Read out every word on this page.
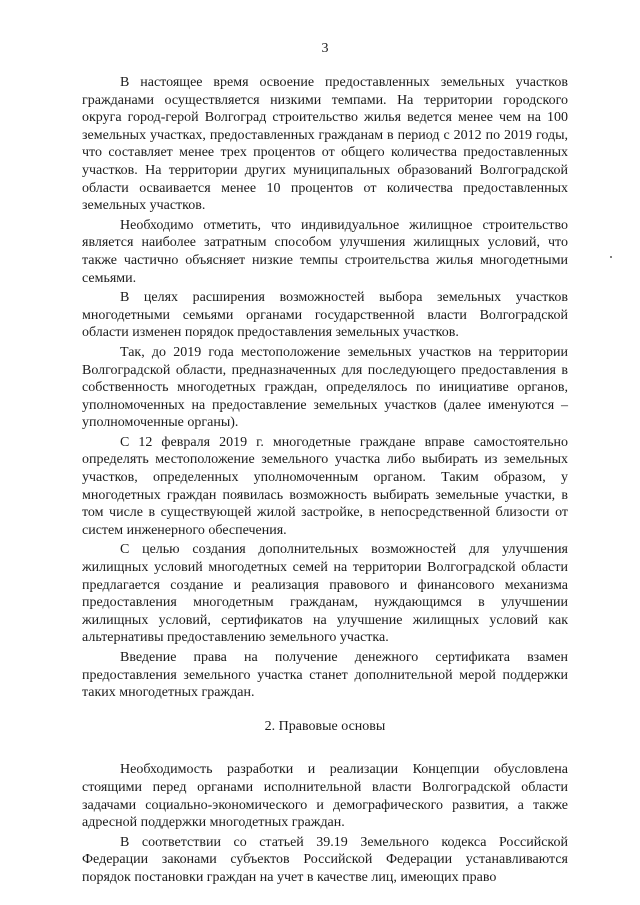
3

В настоящее время освоение предоставленных земельных участков гражданами осуществляется низкими темпами. На территории городского округа город-герой Волгоград строительство жилья ведется менее чем на 100 земельных участках, предоставленных гражданам в период с 2012 по 2019 годы, что составляет менее трех процентов от общего количества предоставленных участков. На территории других муниципальных образований Волгоградской области осваивается менее 10 процентов от количества предоставленных земельных участков.

Необходимо отметить, что индивидуальное жилищное строительство является наиболее затратным способом улучшения жилищных условий, что также частично объясняет низкие темпы строительства жилья многодетными семьями.

В целях расширения возможностей выбора земельных участков многодетными семьями органами государственной власти Волгоградской области изменен порядок предоставления земельных участков.

Так, до 2019 года местоположение земельных участков на территории Волгоградской области, предназначенных для последующего предоставления в собственность многодетных граждан, определялось по инициативе органов, уполномоченных на предоставление земельных участков (далее именуются – уполномоченные органы).

С 12 февраля 2019 г. многодетные граждане вправе самостоятельно определять местоположение земельного участка либо выбирать из земельных участков, определенных уполномоченным органом. Таким образом, у многодетных граждан появилась возможность выбирать земельные участки, в том числе в существующей жилой застройке, в непосредственной близости от систем инженерного обеспечения.

С целью создания дополнительных возможностей для улучшения жилищных условий многодетных семей на территории Волгоградской области предлагается создание и реализация правового и финансового механизма предоставления многодетным гражданам, нуждающимся в улучшении жилищных условий, сертификатов на улучшение жилищных условий как альтернативы предоставлению земельного участка.

Введение права на получение денежного сертификата взамен предоставления земельного участка станет дополнительной мерой поддержки таких многодетных граждан.

2. Правовые основы

Необходимость разработки и реализации Концепции обусловлена стоящими перед органами исполнительной власти Волгоградской области задачами социально-экономического и демографического развития, а также адресной поддержки многодетных граждан.

В соответствии со статьей 39.19 Земельного кодекса Российской Федерации законами субъектов Российской Федерации устанавливаются порядок постановки граждан на учет в качестве лиц, имеющих право
